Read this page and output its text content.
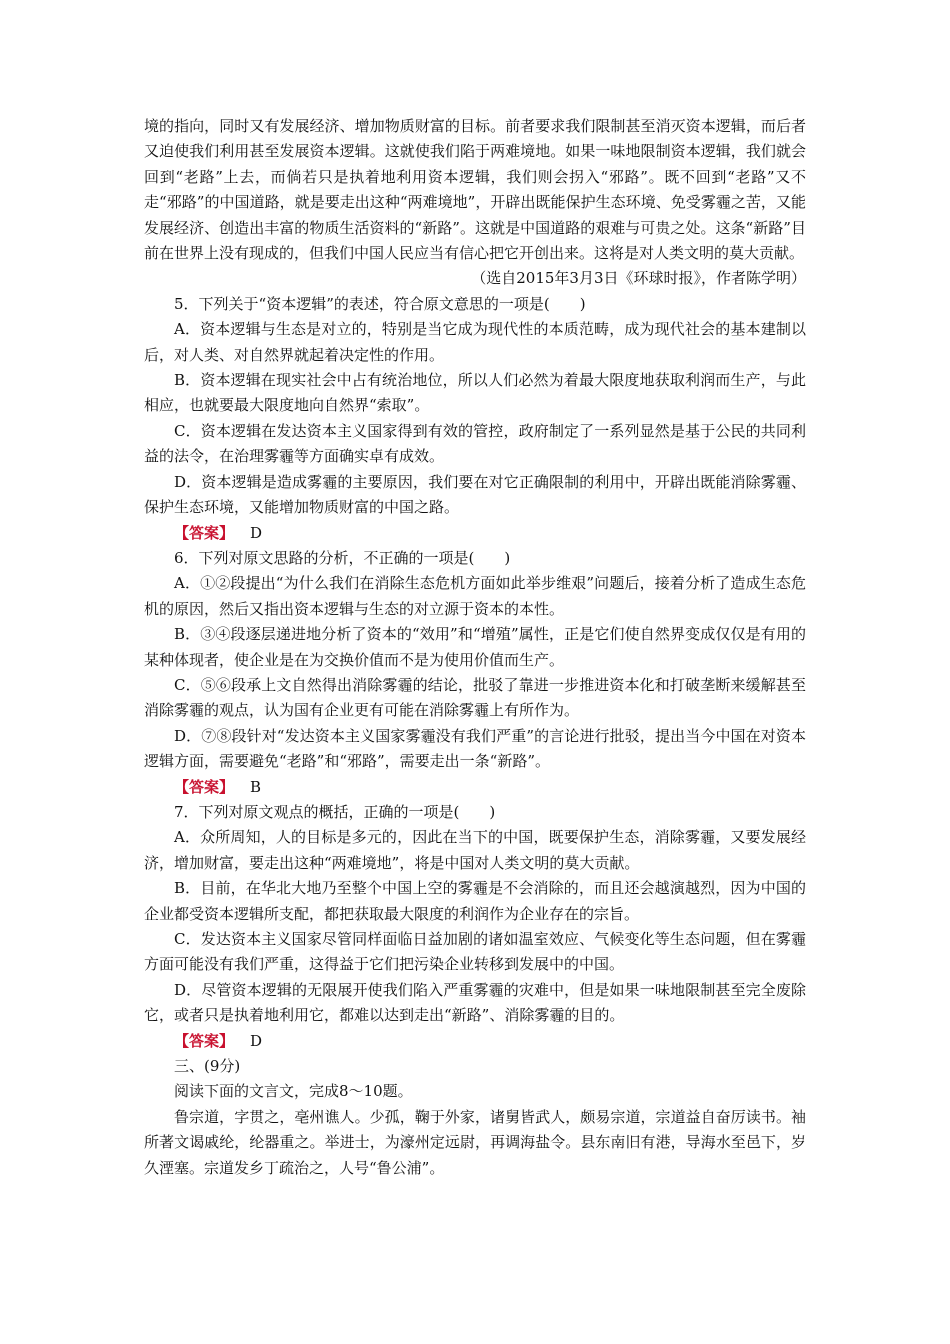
境的指向，同时又有发展经济、增加物质财富的目标。前者要求我们限制甚至消灭资本逻辑，而后者又迫使我们利用甚至发展资本逻辑。这就使我们陷于两难境地。如果一味地限制资本逻辑，我们就会回到“老路”上去，而倘若只是执着地利用资本逻辑，我们则会拐入“邪路”。既不回到“老路”又不走“邪路”的中国道路，就是要走出这种“两难境地”，开辟出既能保护生态环境、免受雾霾之苦，又能发展经济、创造出丰富的物质生活资料的“新路”。这就是中国道路的艰难与可贵之处。这条“新路”目前在世界上没有现成的，但我们中国人民应当有信心把它开创出来。这将是对人类文明的莫大贡献。

（选自2015年3月3日《环球时报》，作者陈学明）

5．下列关于“资本逻辑”的表述，符合原文意思的一项是(　　)

A．资本逻辑与生态是对立的，特别是当它成为现代性的本质范畴，成为现代社会的基本建制以后，对人类、对自然界就起着决定性的作用。

B．资本逻辑在现实社会中占有统治地位，所以人们必然为着最大限度地获取利润而生产，与此相应，也就要最大限度地向自然界“索取”。

C．资本逻辑在发达资本主义国家得到有效的管控，政府制定了一系列显然是基于公民的共同利益的法令，在治理雾霾等方面确实卓有成效。

D．资本逻辑是造成雾霾的主要原因，我们要在对它正确限制的利用中，开辟出既能消除雾霾、保护生态环境，又能增加物质财富的中国之路。

【答案】 D

6．下列对原文思路的分析，不正确的一项是(　　)

A．①②段提出“为什么我们在消除生态危机方面如此举步维艰”问题后，接着分析了造成生态危机的原因，然后又指出资本逻辑与生态的对立源于资本的本性。

B．③④段逐层递进地分析了资本的“效用”和“增殖”属性，正是它们使自然界变成仅仅是有用的某种体现者，使企业是在为交换价值而不是为使用价值而生产。

C．⑤⑥段承上文自然得出消除雾霾的结论，批驳了靠进一步推进资本化和打破垄断来缓解甚至消除雾霾的观点，认为国有企业更有可能在消除雾霾上有所作为。

D．⑦⑧段针对“发达资本主义国家雾霾没有我们严重”的言论进行批驳，提出当今中国在对资本逻辑方面，需要避免“老路”和“邪路”，需要走出一条“新路”。

【答案】 B

7．下列对原文观点的概括，正确的一项是(　　)

A．众所周知，人的目标是多元的，因此在当下的中国，既要保护生态，消除雾霾，又要发展经济，增加财富，要走出这种“两难境地”，将是中国对人类文明的莫大贡献。

B．目前，在华北大地乃至整个中国上空的雾霾是不会消除的，而且还会越演越烈，因为中国的企业都受资本逻辑所支配，都把获取最大限度的利润作为企业存在的宗旨。

C．发达资本主义国家尽管同样面临日益加剧的诸如温室效应、气候变化等生态问题，但在雾霾方面可能没有我们严重，这得益于它们把污染企业转移到发展中的中国。

D．尽管资本逻辑的无限展开使我们陷入严重雾霾的灾难中，但是如果一味地限制甚至完全废除它，或者只是执着地利用它，都难以达到走出“新路”、消除雾霾的目的。

【答案】 D

三、(9分)

阅读下面的文言文，完成8～10题。

鲁宗道，字贯之，亳州谯人。少孤，鞠于外家，诸舅皆武人，颇易宗道，宗道益自奋厉读书。袖所著文谒戚纶，纶器重之。举进士，为濠州定远尉，再调海盐令。县东南旧有港，导海水至邑下，岁久湮塞。宗道发乡丁疏治之，人号“鲁公浦”。
